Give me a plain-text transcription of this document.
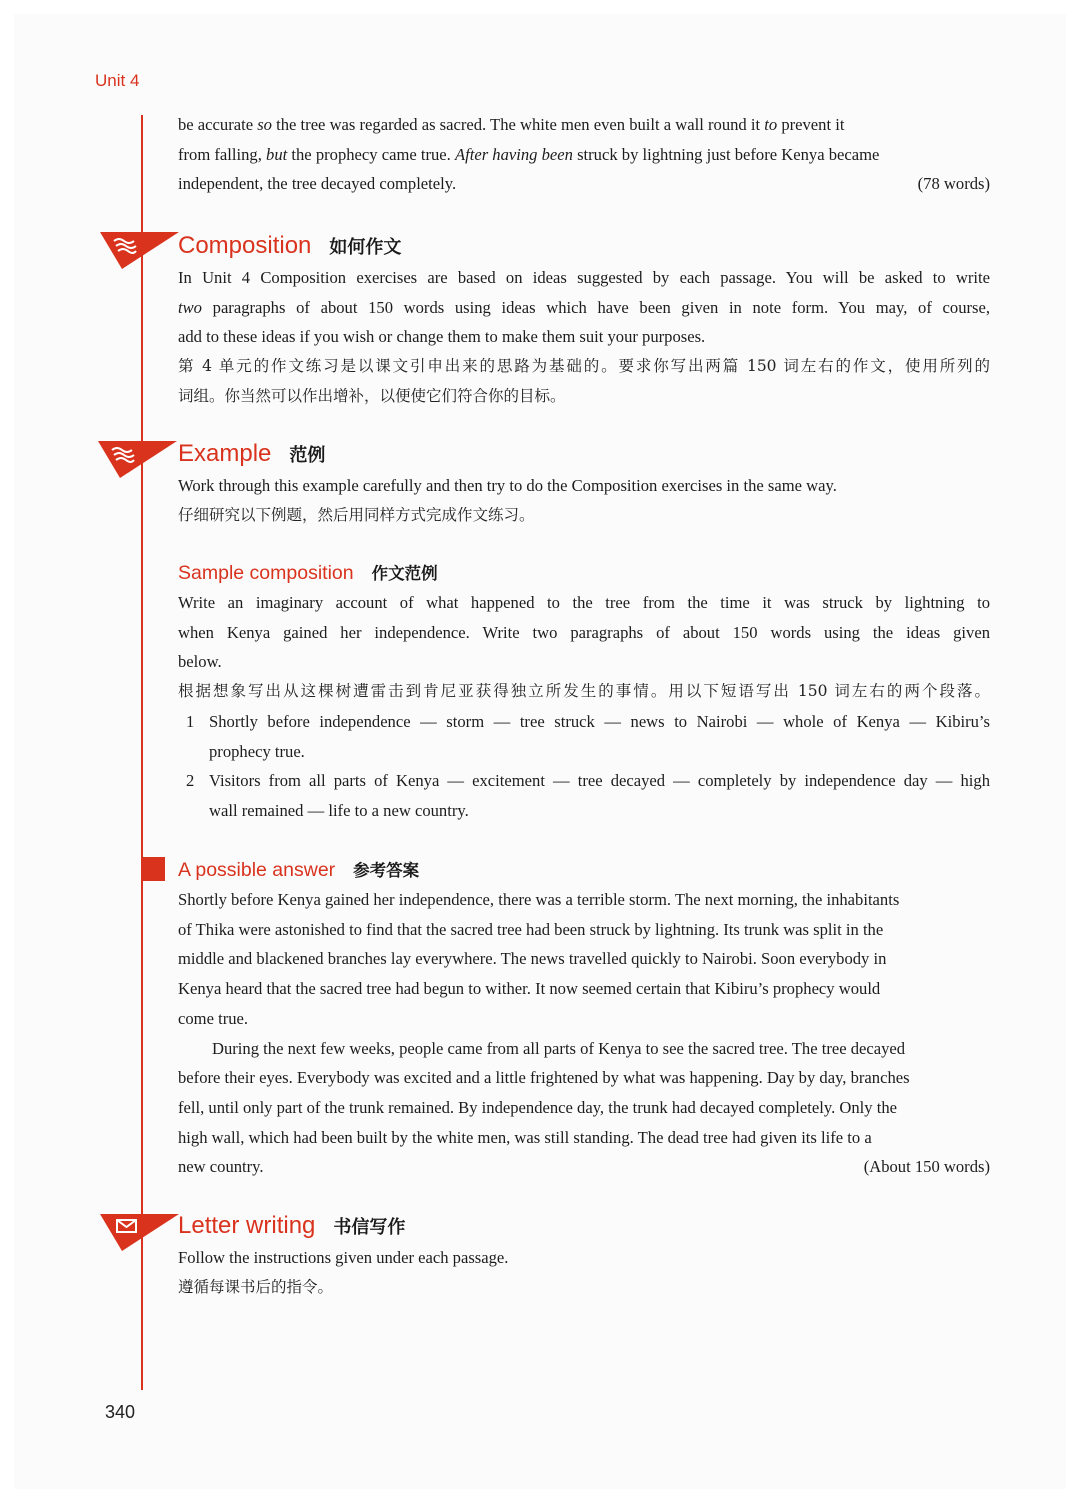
Unit 4
be accurate so the tree was regarded as sacred. The white men even built a wall round it to prevent it
from falling, but the prophecy came true. After having been struck by lightning just before Kenya became
independent, the tree decayed completely.	(78 words)
Composition 如何作文
In Unit 4 Composition exercises are based on ideas suggested by each passage. You will be asked to write
two paragraphs of about 150 words using ideas which have been given in note form. You may, of course,
add to these ideas if you wish or change them to make them suit your purposes.
第 4 单元的作文练习是以课文引申出来的思路为基础的。要求你写出两篇 150 词左右的作文，使用所列的
词组。你当然可以作出增补，以便使它们符合你的目标。
Example 范例
Work through this example carefully and then try to do the Composition exercises in the same way.
仔细研究以下例题，然后用同样方式完成作文练习。
Sample composition 作文范例
Write an imaginary account of what happened to the tree from the time it was struck by lightning to
when Kenya gained her independence. Write two paragraphs of about 150 words using the ideas given
below.
根据想象写出从这棵树遭雷击到肯尼亚获得独立所发生的事情。用以下短语写出 150 词左右的两个段落。
1 Shortly before independence — storm — tree struck — news to Nairobi — whole of Kenya — Kibiru’s
prophecy true.
2 Visitors from all parts of Kenya — excitement — tree decayed — completely by independence day — high
wall remained — life to a new country.
A possible answer 参考答案
Shortly before Kenya gained her independence, there was a terrible storm. The next morning, the inhabitants
of Thika were astonished to find that the sacred tree had been struck by lightning. Its trunk was split in the
middle and blackened branches lay everywhere. The news travelled quickly to Nairobi. Soon everybody in
Kenya heard that the sacred tree had begun to wither. It now seemed certain that Kibiru’s prophecy would
come true.
During the next few weeks, people came from all parts of Kenya to see the sacred tree. The tree decayed
before their eyes. Everybody was excited and a little frightened by what was happening. Day by day, branches
fell, until only part of the trunk remained. By independence day, the trunk had decayed completely. Only the
high wall, which had been built by the white men, was still standing. The dead tree had given its life to a
new country.	(About 150 words)
Letter writing 书信写作
Follow the instructions given under each passage.
遵循每课书后的指令。
340
